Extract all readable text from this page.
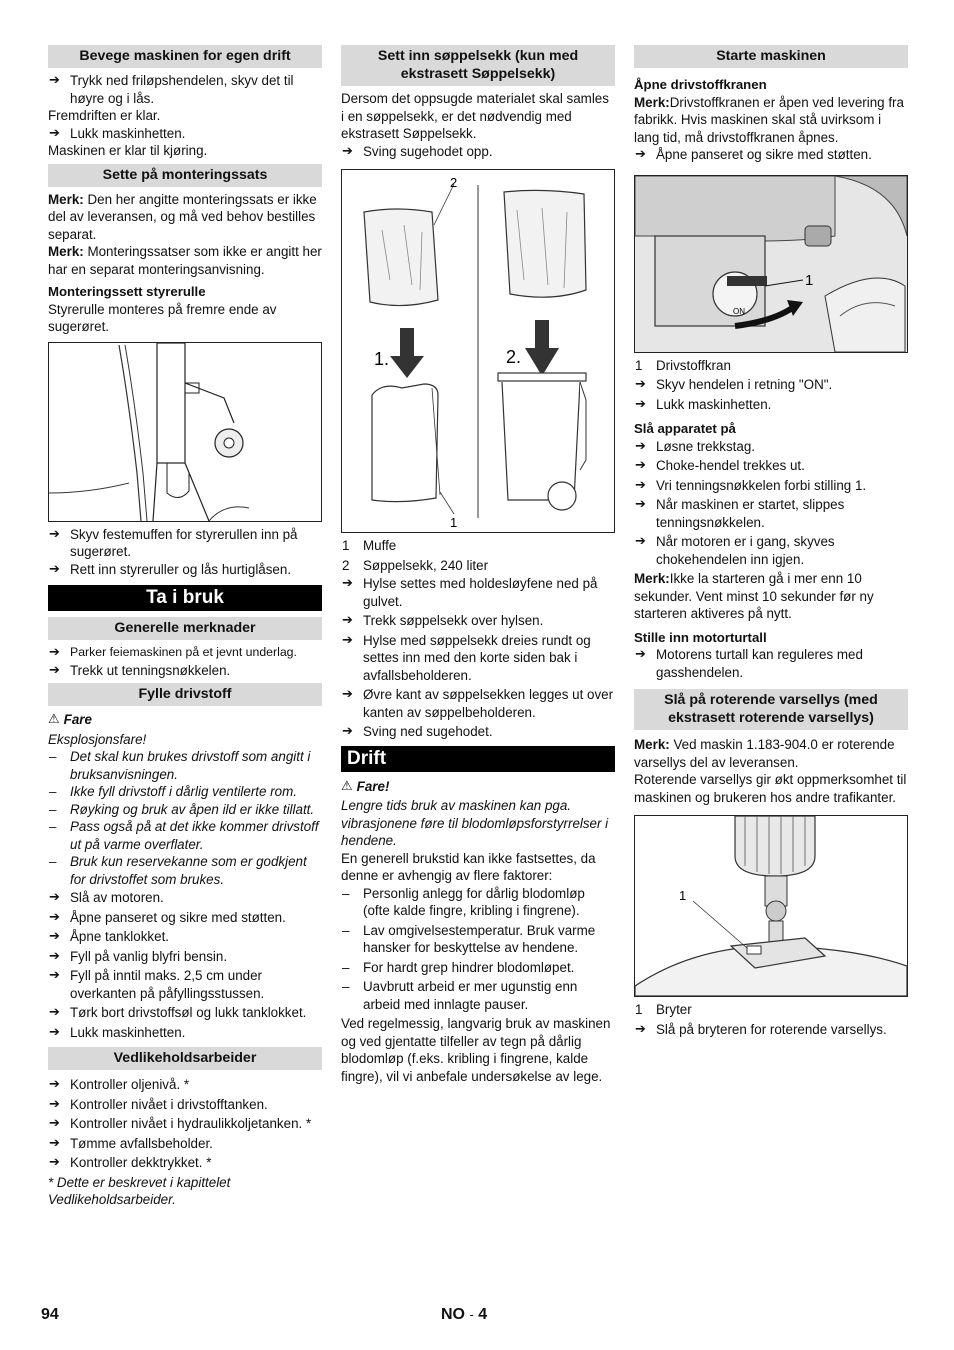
Bevege maskinen for egen drift

➔ Trykk ned friløpshendelen, skyv det til høyre og i lås.

Fremdriften er klar.

➔ Lukk maskinhetten.

Maskinen er klar til kjøring.

Sette på monteringssats

Merk: Den her angitte monteringssats er ikke del av leveransen, og må ved behov bestilles separat.

Merk: Monteringssatser som ikke er angitt her har en separat monteringsanvisning.

Monteringssett styrerulle

Styrerulle monteres på fremre ende av sugerøret.

➔ Skyv festemuffen for styrerullen inn på sugerøret.

➔ Rett inn styreruller og lås hurtiglåsen.

Ta i bruk
Generelle merknader

➔ Parker feiemaskinen på et jevnt underlag.

➔ Trekk ut tenningsnøkkelen.

Fylle drivstoff
⚠ Fare

Eksplosjonsfare!

– Det skal kun brukes drivstoff som angitt i bruksanvisningen.

– Ikke fyll drivstoff i dårlig ventilerte rom.

– Røyking og bruk av åpen ild er ikke tillatt.

– Pass også på at det ikke kommer drivstoff ut på varme overflater.

– Bruk kun reservekanne som er godkjent for drivstoffet som brukes.

➔ Slå av motoren.

➔ Åpne panseret og sikre med støtten.

➔ Åpne tanklokket.

➔ Fyll på vanlig blyfri bensin.

➔ Fyll på inntil maks. 2,5 cm under overkanten på påfyllingsstussen.

➔ Tørk bort drivstoffsøl og lukk tanklokket.

➔ Lukk maskinhetten.

Vedlikeholdsarbeider

➔ Kontroller oljenivå. *

➔ Kontroller nivået i drivstofftanken.

➔ Kontroller nivået i hydraulikkoljetanken. *

➔ Tømme avfallsbeholder.

➔ Kontroller dekktrykket. *

* Dette er beskrevet i kapittelet Vedlikeholdsarbeider.

Sett inn søppelsekk (kun med ekstrasett Søppelsekk)

Dersom det oppsugde materialet skal samles i en søppelsekk, er det nødvendig med ekstrasett Søppelsekk.

➔ Sving sugehodet opp.

2
1.
1
2.

1 Muffe

2 Søppelsekk, 240 liter

➔ Hylse settes med holdesløyfene ned på gulvet.

➔ Trekk søppelsekk over hylsen.

➔ Hylse med søppelsekk dreies rundt og settes inn med den korte siden bak i avfallsbeholderen.

➔ Øvre kant av søppelsekken legges ut over kanten av søppelbeholderen.

➔ Sving ned sugehodet.

Drift
⚠ Fare!

Lengre tids bruk av maskinen kan pga. vibrasjonene føre til blodomløpsforstyrrelser i hendene.

En generell brukstid kan ikke fastsettes, da denne er avhengig av flere faktorer:

– Personlig anlegg for dårlig blodomløp (ofte kalde fingre, kribling i fingrene).

– Lav omgivelsestemperatur. Bruk varme hansker for beskyttelse av hendene.

– For hardt grep hindrer blodomløpet.

– Uavbrutt arbeid er mer ugunstig enn arbeid med innlagte pauser.

Ved regelmessig, langvarig bruk av maskinen og ved gjentatte tilfeller av tegn på dårlig blodomløp (f.eks. kribling i fingrene, kalde fingre), vil vi anbefale undersøkelse av lege.

Starte maskinen

Åpne drivstoffkranen

Merk:Drivstoffkranen er åpen ved levering fra fabrikk. Hvis maskinen skal stå uvirksom i lang tid, må drivstoffkranen åpnes.

➔ Åpne panseret og sikre med støtten.

ON
1

1 Drivstoffkran

➔ Skyv hendelen i retning "ON".

➔ Lukk maskinhetten.

Slå apparatet på

➔ Løsne trekkstag.

➔ Choke-hendel trekkes ut.

➔ Vri tenningsnøkkelen forbi stilling 1.

➔ Når maskinen er startet, slippes tenningsnøkkelen.

➔ Når motoren er i gang, skyves chokehendelen inn igjen.

Merk:Ikke la starteren gå i mer enn 10 sekunder. Vent minst 10 sekunder før ny starteren aktiveres på nytt.

Stille inn motorturtall

➔ Motorens turtall kan reguleres med gasshendelen.

Slå på roterende varsellys (med ekstrasett roterende varsellys)

Merk: Ved maskin 1.183-904.0 er roterende varsellys del av leveransen.

Roterende varsellys gir økt oppmerksomhet til maskinen og brukeren hos andre trafikanter.

1

1 Bryter

➔ Slå på bryteren for roterende varsellys.

94	NO - 4
